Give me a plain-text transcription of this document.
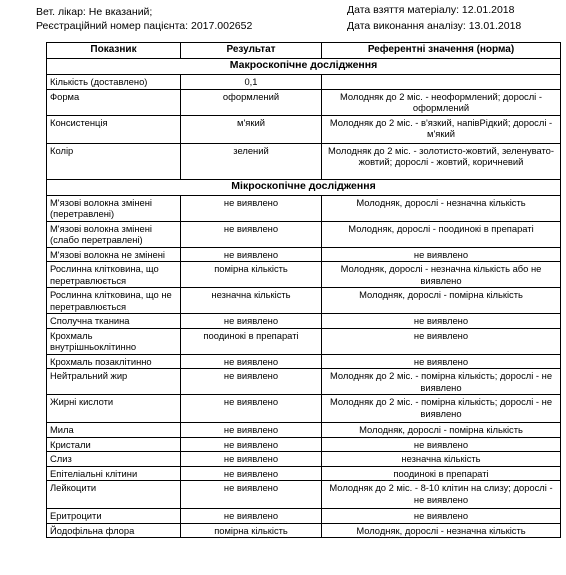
Вет. лікар: Не вказаний;
Реєстраційний номер пацієнта: 2017.002652
Дата взяття матеріалу: 12.01.2018
Дата виконання аналізу: 13.01.2018
Показник	Результат	Референтні значення (норма)
Макроскопічне дослідження		
Кількість (доставлено)	0,1	
Форма	оформлений	Молодняк до 2 міс. - неоформлений; дорослі - оформлений
Консистенція	м'який	Молодняк до 2 міс. - в'язкий, напівРідкий; дорослі - м'який
Колір	зелений	Молодняк до 2 міс. - золотисто-жовтий, зеленувато-жовтий; дорослі - жовтий, коричневий
Мікроскопічне дослідження		
М'язові волокна змінені (перетравлені)	не виявлено	Молодняк, дорослі - незначна кількість
М'язові волокна змінені (слабо перетравлені)	не виявлено	Молодняк, дорослі - поодинокі в препараті
М'язові волокна не змінені	не виявлено	не виявлено
Рослинна клітковина, що перетравлюється	помірна кількість	Молодняк, дорослі - незначна кількість або не виявлено
Рослинна клітковина, що не перетравлюється	незначна кількість	Молодняк, дорослі - помірна кількість
Сполучна тканина	не виявлено	не виявлено
Крохмаль внутрішньоклітинно	поодинокі в препараті	не виявлено
Крохмаль позаклітинно	не виявлено	не виявлено
Нейтральний жир	не виявлено	Молодняк до 2 міс. - помірна кількість; дорослі - не виявлено
Жирні кислоти	не виявлено	Молодняк до 2 міс. - помірна кількість; дорослі - не виявлено
Мила	не виявлено	Молодняк, дорослі - помірна кількість
Кристали	не виявлено	не виявлено
Слиз	не виявлено	незначна кількість
Епітеліальні клітини	не виявлено	поодинокі в препараті
Лейкоцити	не виявлено	Молодняк до 2 міс. - 8-10 клітин на слизу; дорослі - не виявлено
Еритроцити	не виявлено	не виявлено
Йодофільна флора	помірна кількість	Молодняк, дорослі - незначна кількість
